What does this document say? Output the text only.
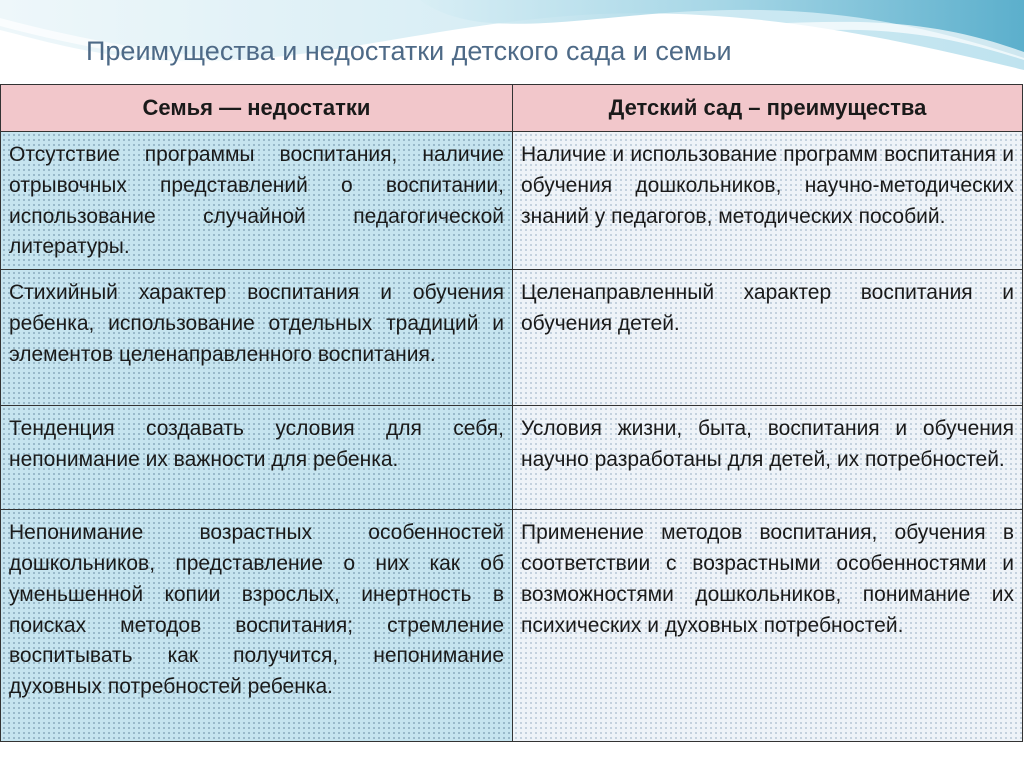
Преимущества и недостатки детского сада и семьи
Семья — недостатки	Детский сад – преимущества
Отсутствие программы воспитания, наличие отрывочных представлений о воспитании, использование случайной педагогической литературы.	Наличие и использование программ воспитания и обучения дошкольников, научно-методических знаний у педагогов, методических пособий.
Стихийный характер воспитания и обучения ребенка, использование отдельных традиций и элементов целенаправленного воспитания.	Целенаправленный характер воспитания и обучения детей.
Тенденция создавать условия для себя, непонимание их важности для ребенка.	Условия жизни, быта, воспитания и обучения научно разработаны для детей, их потребностей.
Непонимание возрастных особенностей дошкольников, представление о них как об уменьшенной копии взрослых, инертность в поисках методов воспитания; стремление воспитывать как получится, непонимание духовных потребностей ребенка.	Применение методов воспитания, обучения в соответствии с возрастными особенностями и возможностями дошкольников, понимание их психических и духовных потребностей.
